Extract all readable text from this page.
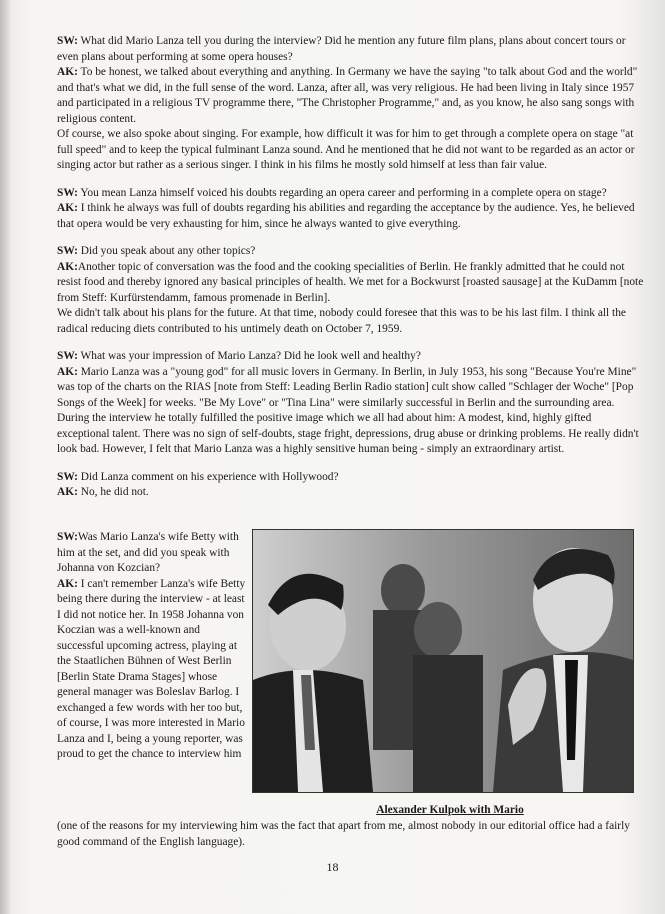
SW: What did Mario Lanza tell you during the interview? Did he mention any future film plans, plans about concert tours or even plans about performing at some opera houses?
AK: To be honest, we talked about everything and anything. In Germany we have the saying "to talk about God and the world" and that's what we did, in the full sense of the word. Lanza, after all, was very religious. He had been living in Italy since 1957 and participated in a religious TV programme there, "The Christopher Programme," and, as you know, he also sang songs with religious content.
Of course, we also spoke about singing. For example, how difficult it was for him to get through a complete opera on stage "at full speed" and to keep the typical fulminant Lanza sound. And he mentioned that he did not want to be regarded as an actor or singing actor but rather as a serious singer. I think in his films he mostly sold himself at less than fair value.

SW: You mean Lanza himself voiced his doubts regarding an opera career and performing in a complete opera on stage?
AK: I think he always was full of doubts regarding his abilities and regarding the acceptance by the audience. Yes, he believed that opera would be very exhausting for him, since he always wanted to give everything.

SW: Did you speak about any other topics?
AK:Another topic of conversation was the food and the cooking specialities of Berlin. He frankly admitted that he could not resist food and thereby ignored any basical principles of health. We met for a Bockwurst [roasted sausage] at the KuDamm [note from Steff: Kurfürstendamm, famous promenade in Berlin].
We didn't talk about his plans for the future. At that time, nobody could foresee that this was to be his last film. I think all the radical reducing diets contributed to his untimely death on October 7, 1959.

SW: What was your impression of Mario Lanza? Did he look well and healthy?
AK: Mario Lanza was a "young god" for all music lovers in Germany. In Berlin, in July 1953, his song "Because You're Mine" was top of the charts on the RIAS [note from Steff: Leading Berlin Radio station] cult show called "Schlager der Woche" [Pop Songs of the Week] for weeks. "Be My Love" or "Tina Lina" were similarly successful in Berlin and the surrounding area.
During the interview he totally fulfilled the positive image which we all had about him: A modest, kind, highly gifted exceptional talent. There was no sign of self-doubts, stage fright, depressions, drug abuse or drinking problems. He really didn't look bad. However, I felt that Mario Lanza was a highly sensitive human being - simply an extraordinary artist.

SW: Did Lanza comment on his experience with Hollywood?
AK: No, he did not.

SW:Was Mario Lanza's wife Betty with him at the set, and did you speak with Johanna von Kozcian?
AK: I can't remember Lanza's wife Betty being there during the interview - at least I did not notice her. In 1958 Johanna von Koczian was a well-known and successful upcoming actress, playing at the Staatlichen Bühnen of West Berlin [Berlin State Drama Stages] whose general manager was Boleslav Barlog. I exchanged a few words with her too but, of course, I was more interested in Mario Lanza and I, being a young reporter, was proud to get the chance to interview him

Alexander Kulpok with Mario
(one of the reasons for my interviewing him was the fact that apart from me, almost nobody in our editorial office had a fairly good command of the English language).
18
